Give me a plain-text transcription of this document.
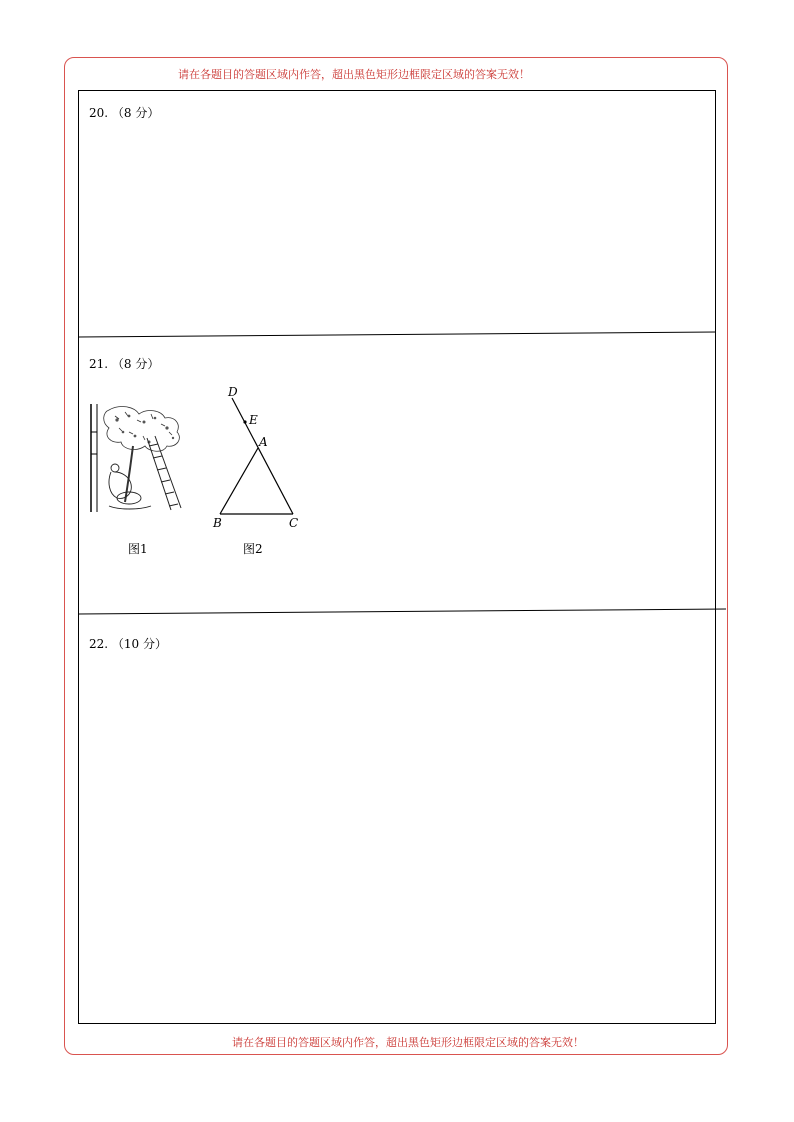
请在各题目的答题区域内作答，超出黑色矩形边框限定区域的答案无效！
20. （8 分）
21. （8 分）
图1
D
E
A
B	C
图2
22. （10 分）
请在各题目的答题区域内作答，超出黑色矩形边框限定区域的答案无效！
